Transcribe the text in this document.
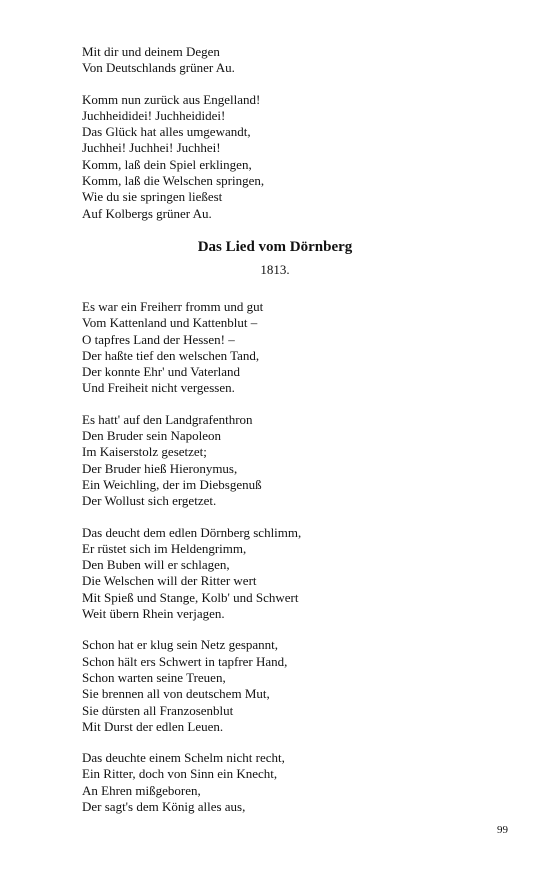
Mit dir und deinem Degen
Von Deutschlands grüner Au.
Komm nun zurück aus Engelland!
Juchheididei! Juchheididei!
Das Glück hat alles umgewandt,
Juchhei! Juchhei! Juchhei!
Komm, laß dein Spiel erklingen,
Komm, laß die Welschen springen,
Wie du sie springen ließest
Auf Kolbergs grüner Au.
Das Lied vom Dörnberg
1813.
Es war ein Freiherr fromm und gut
Vom Kattenland und Kattenblut –
O tapfres Land der Hessen! –
Der haßte tief den welschen Tand,
Der konnte Ehr' und Vaterland
Und Freiheit nicht vergessen.
Es hatt' auf den Landgrafenthron
Den Bruder sein Napoleon
Im Kaiserstolz gesetzet;
Der Bruder hieß Hieronymus,
Ein Weichling, der im Diebsgenuß
Der Wollust sich ergetzet.
Das deucht dem edlen Dörnberg schlimm,
Er rüstet sich im Heldengrimm,
Den Buben will er schlagen,
Die Welschen will der Ritter wert
Mit Spieß und Stange, Kolb' und Schwert
Weit übern Rhein verjagen.
Schon hat er klug sein Netz gespannt,
Schon hält ers Schwert in tapfrer Hand,
Schon warten seine Treuen,
Sie brennen all von deutschem Mut,
Sie dürsten all Franzosenblut
Mit Durst der edlen Leuen.
Das deuchte einem Schelm nicht recht,
Ein Ritter, doch von Sinn ein Knecht,
An Ehren mißgeboren,
Der sagt's dem König alles aus,
99
